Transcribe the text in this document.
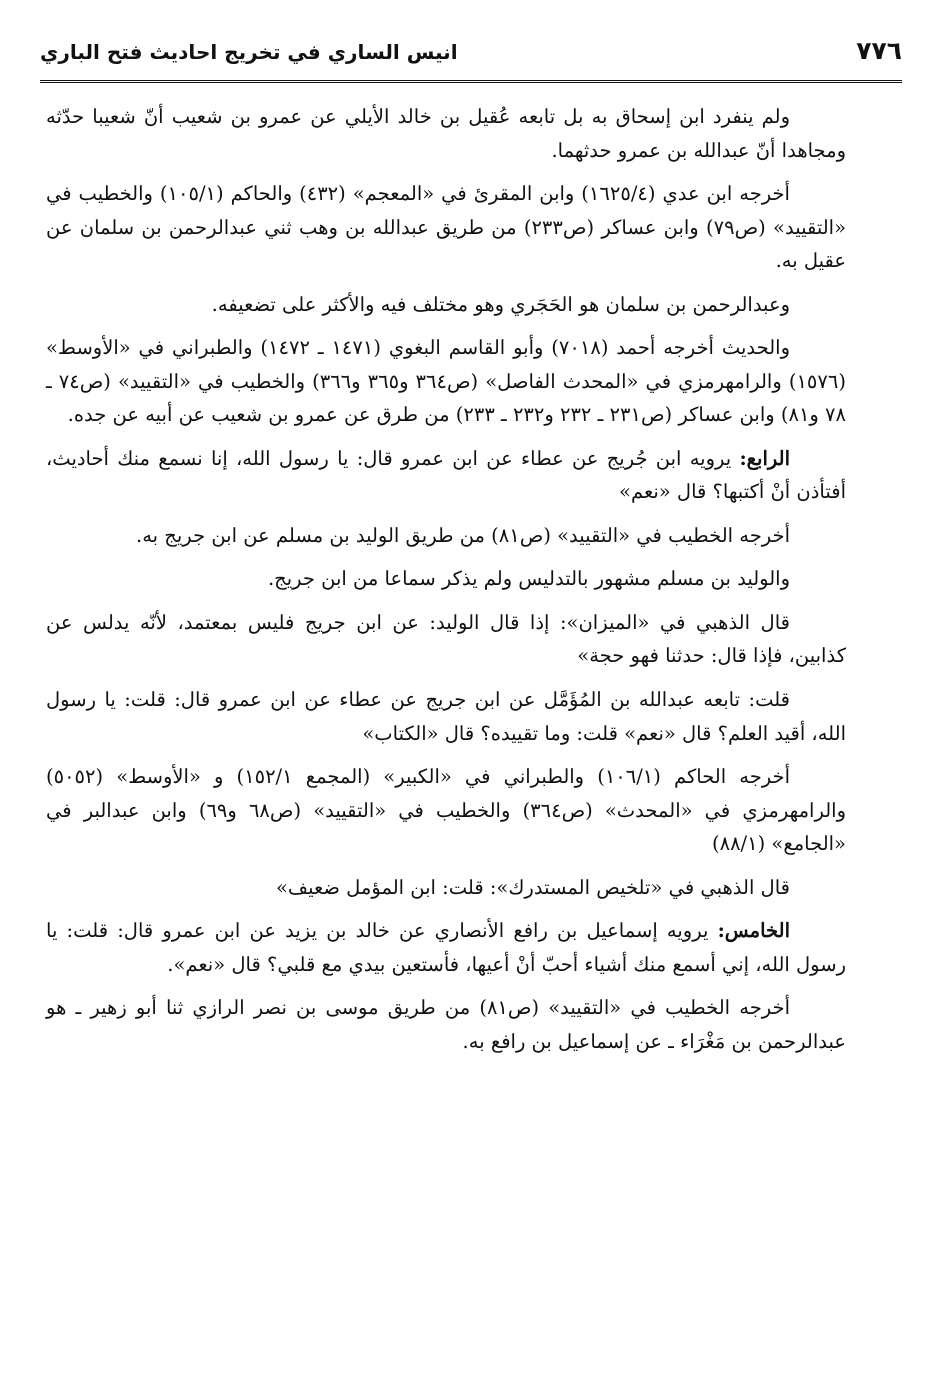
٧٧٦
انيس الساري في تخريج احاديث فتح الباري

ولم ينفرد ابن إسحاق به بل تابعه عُقيل بن خالد الأيلي عن عمرو بن شعيب أنّ شعيبا حدّثه ومجاهدا أنّ عبدالله بن عمرو حدثهما.

أخرجه ابن عدي (١٦٢٥/٤) وابن المقرئ في «المعجم» (٤٣٢) والحاكم (١٠٥/١) والخطيب في «التقييد» (ص٧٩) وابن عساكر (ص٢٣٣) من طريق عبدالله بن وهب ثني عبدالرحمن بن سلمان عن عقيل به.

وعبدالرحمن بن سلمان هو الحَجَري وهو مختلف فيه والأكثر على تضعيفه.

والحديث أخرجه أحمد (٧٠١٨) وأبو القاسم البغوي (١٤٧١ ـ ١٤٧٢) والطبراني في «الأوسط» (١٥٧٦) والرامهرمزي في «المحدث الفاصل» (ص٣٦٤ و٣٦٥ و٣٦٦) والخطيب في «التقييد» (ص٧٤ ـ ٧٨ و٨١) وابن عساكر (ص٢٣١ ـ ٢٣٢ و٢٣٢ ـ ٢٣٣) من طرق عن عمرو بن شعيب عن أبيه عن جده.

الرابع: يرويه ابن جُريج عن عطاء عن ابن عمرو قال: يا رسول الله، إنا نسمع منك أحاديث، أفتأذن أنْ أكتبها؟ قال «نعم»

أخرجه الخطيب في «التقييد» (ص٨١) من طريق الوليد بن مسلم عن ابن جريج به.

والوليد بن مسلم مشهور بالتدليس ولم يذكر سماعا من ابن جريج.

قال الذهبي في «الميزان»: إذا قال الوليد: عن ابن جريج فليس بمعتمد، لأنّه يدلس عن كذابين، فإذا قال: حدثنا فهو حجة»

قلت: تابعه عبدالله بن المُؤَمَّل عن ابن جريج عن عطاء عن ابن عمرو قال: قلت: يا رسول الله، أقيد العلم؟ قال «نعم» قلت: وما تقييده؟ قال «الكتاب»

أخرجه الحاكم (١٠٦/١) والطبراني في «الكبير» (المجمع ١٥٢/١) و «الأوسط» (٥٠٥٢) والرامهرمزي في «المحدث» (ص٣٦٤) والخطيب في «التقييد» (ص٦٨ و٦٩) وابن عبدالبر في «الجامع» (٨٨/١)

قال الذهبي في «تلخيص المستدرك»: قلت: ابن المؤمل ضعيف»

الخامس: يرويه إسماعيل بن رافع الأنصاري عن خالد بن يزيد عن ابن عمرو قال: قلت: يا رسول الله، إني أسمع منك أشياء أحبّ أنْ أعيها، فأستعين بيدي مع قلبي؟ قال «نعم».

أخرجه الخطيب في «التقييد» (ص٨١) من طريق موسى بن نصر الرازي ثنا أبو زهير ـ هو عبدالرحمن بن مَغْرَاء ـ عن إسماعيل بن رافع به.
